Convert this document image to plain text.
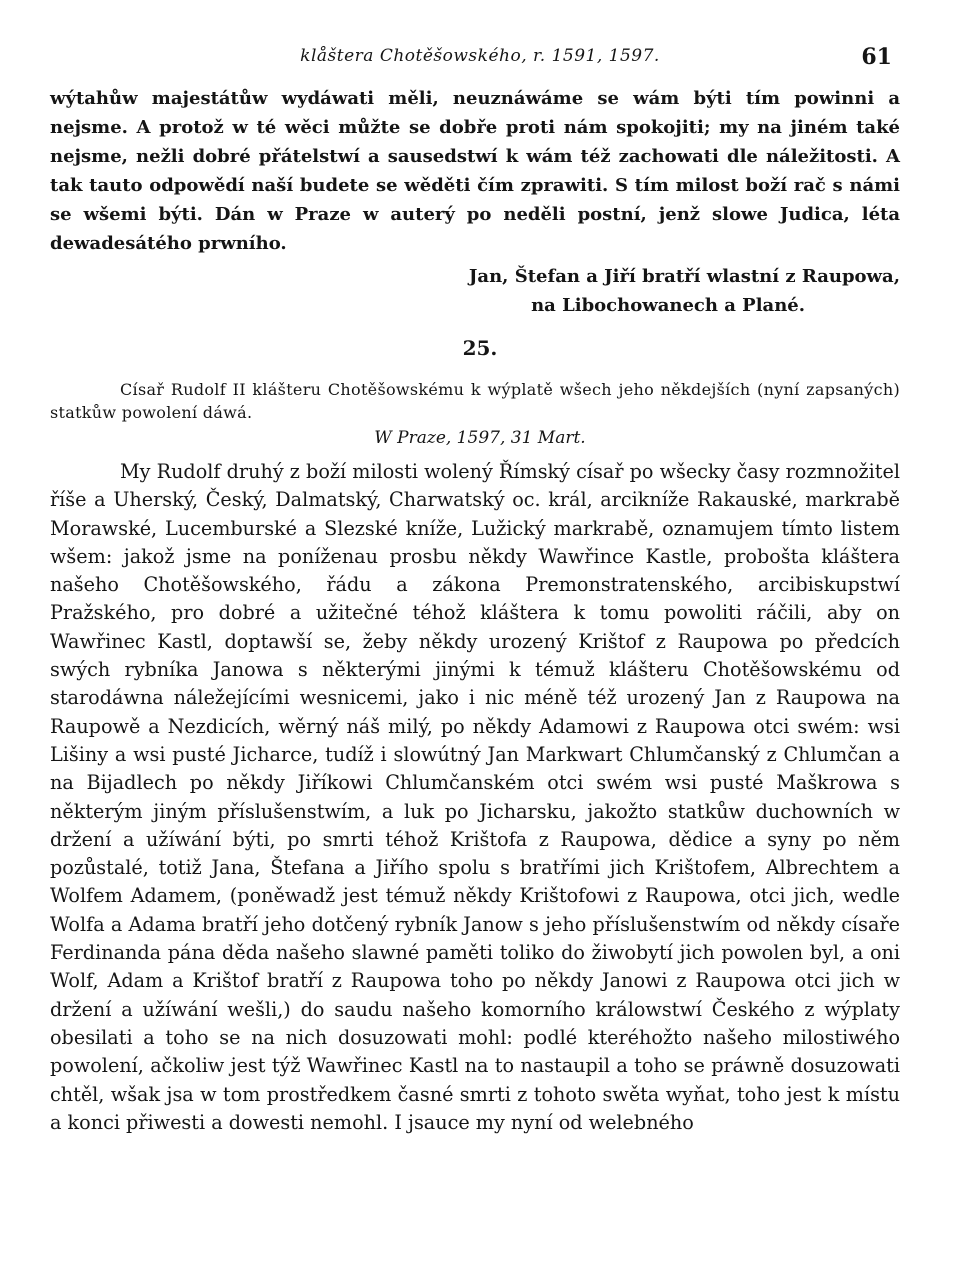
klåštera Chotěšowského, r. 1591, 1597.	61

wýtahůw majestátůw wydáwati měli, neuznáwáme se wám býti tím powinni a nejsme. A protož w té wěci můžte se dobře proti nám spokojiti; my na jiném také nejsme, nežli dobré přátelstwí a sausedstwí k wám též zachowati dle náležitosti. A tak tauto odpowědí naší budete se wěděti čím zprawiti. S tím milost boží rač s námi se wšemi býti. Dán w Praze w auterý po neděli postní, jenž slowe Judica, léta dewadesátého prwního.

Jan, Štefan a Jiří bratří wlastní z Raupowa,
na Libochowanech a Plané.
25.

Císař Rudolf II klášteru Chotěšowskému k wýplatě wšech jeho někdejších (nyní zapsaných) statkůw powolení dáwá.

W Praze, 1597, 31 Mart.

My Rudolf druhý z boží milosti wolený Římský císař po wšecky časy rozmnožitel říše a Uherský, Český, Dalmatský, Charwatský oc. král, arcikníže Rakauské, markrabě Morawské, Lucemburské a Slezské kníže, Lužický markrabě, oznamujem tímto listem wšem: jakož jsme na poníženau prosbu někdy Wawřince Kastle, probošta kláštera našeho Chotěšowského, řádu a zákona Premonstratenského, arcibiskupstwí Pražského, pro dobré a užitečné téhož kláštera k tomu powoliti ráčili, aby on Wawřinec Kastl, doptawší se, žeby někdy urozený Krištof z Raupowa po předcích swých rybníka Janowa s některými jinými k témuž klášteru Chotěšowskému od starodáwna náležejícími wesnicemi, jako i nic méně též urozený Jan z Raupowa na Raupowě a Nezdicích, wěrný náš milý, po někdy Adamowi z Raupowa otci swém: wsi Lišiny a wsi pusté Jicharce, tudíž i slowútný Jan Markwart Chlumčanský z Chlumčan a na Bijadlech po někdy Jiříkowi Chlumčanském otci swém wsi pusté Maškrowa s některým jiným příslušenstwím, a luk po Jicharsku, jakožto statkůw duchowních w držení a užíwání býti, po smrti téhož Krištofa z Raupowa, dědice a syny po něm pozůstalé, totiž Jana, Štefana a Jiřího spolu s bratřími jich Krištofem, Albrechtem a Wolfem Adamem, (poněwadž jest témuž někdy Krištofowi z Raupowa, otci jich, wedle Wolfa a Adama bratří jeho dotčený rybník Janow s jeho příslušenstwím od někdy císaře Ferdinanda pána děda našeho slawné paměti toliko do žiwobytí jich powolen byl, a oni Wolf, Adam a Krištof bratří z Raupowa toho po někdy Janowi z Raupowa otci jich w držení a užíwání wešli,) do saudu našeho komorního králowstwí Českého z wýplaty obesilati a toho se na nich dosuzowati mohl: podlé kteréhožto našeho milostiwého powolení, ačkoliw jest týž Wawřinec Kastl na to nastaupil a toho se práwně dosuzowati chtěl, wšak jsa w tom prostředkem časné smrti z tohoto swěta wyňat, toho jest k místu a konci přiwesti a dowesti nemohl. I jsauce my nyní od welebného
